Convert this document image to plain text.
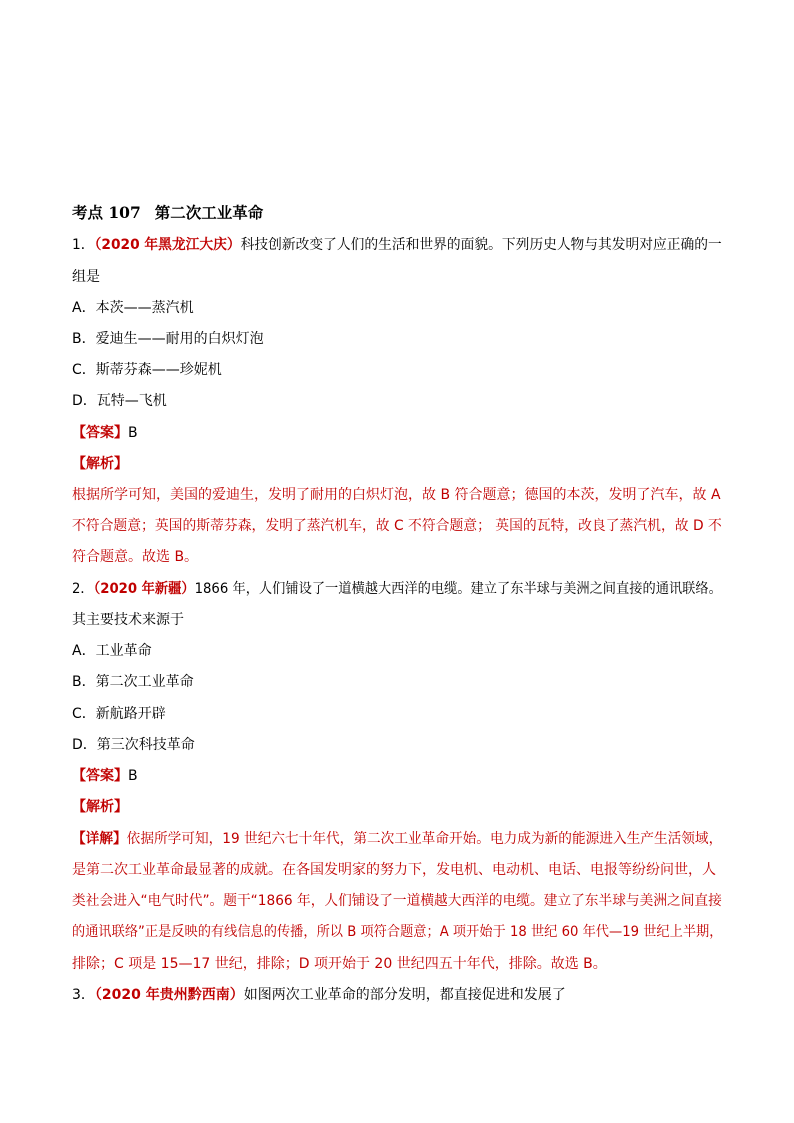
考点 107 第二次工业革命
1．（2020 年黑龙江大庆）科技创新改变了人们的生活和世界的面貌。下列历史人物与其发明对应正确的一
组是
A．本茨——蒸汽机
B．爱迪生——耐用的白炽灯泡
C．斯蒂芬森——珍妮机
D．瓦特—飞机
【答案】B
【解析】
根据所学可知，美国的爱迪生，发明了耐用的白炽灯泡，故 B 符合题意；德国的本茨，发明了汽车，故 A
不符合题意；英国的斯蒂芬森，发明了蒸汽机车，故 C 不符合题意； 英国的瓦特，改良了蒸汽机，故 D 不
符合题意。故选 B。
2．（2020 年新疆）1866 年，人们铺设了一道横越大西洋的电缆。建立了东半球与美洲之间直接的通讯联络。
其主要技术来源于
A．工业革命
B．第二次工业革命
C．新航路开辟
D．第三次科技革命
【答案】B
【解析】
【详解】依据所学可知，19 世纪六七十年代，第二次工业革命开始。电力成为新的能源进入生产生活领域，
是第二次工业革命最显著的成就。在各国发明家的努力下，发电机、电动机、电话、电报等纷纷问世，人
类社会进入“电气时代”。题干“1866 年，人们铺设了一道横越大西洋的电缆。建立了东半球与美洲之间直接
的通讯联络”正是反映的有线信息的传播，所以 B 项符合题意；A 项开始于 18 世纪 60 年代—19 世纪上半期，
排除；C 项是 15—17 世纪，排除；D 项开始于 20 世纪四五十年代，排除。故选 B。
3．（2020 年贵州黔西南）如图两次工业革命的部分发明，都直接促进和发展了
